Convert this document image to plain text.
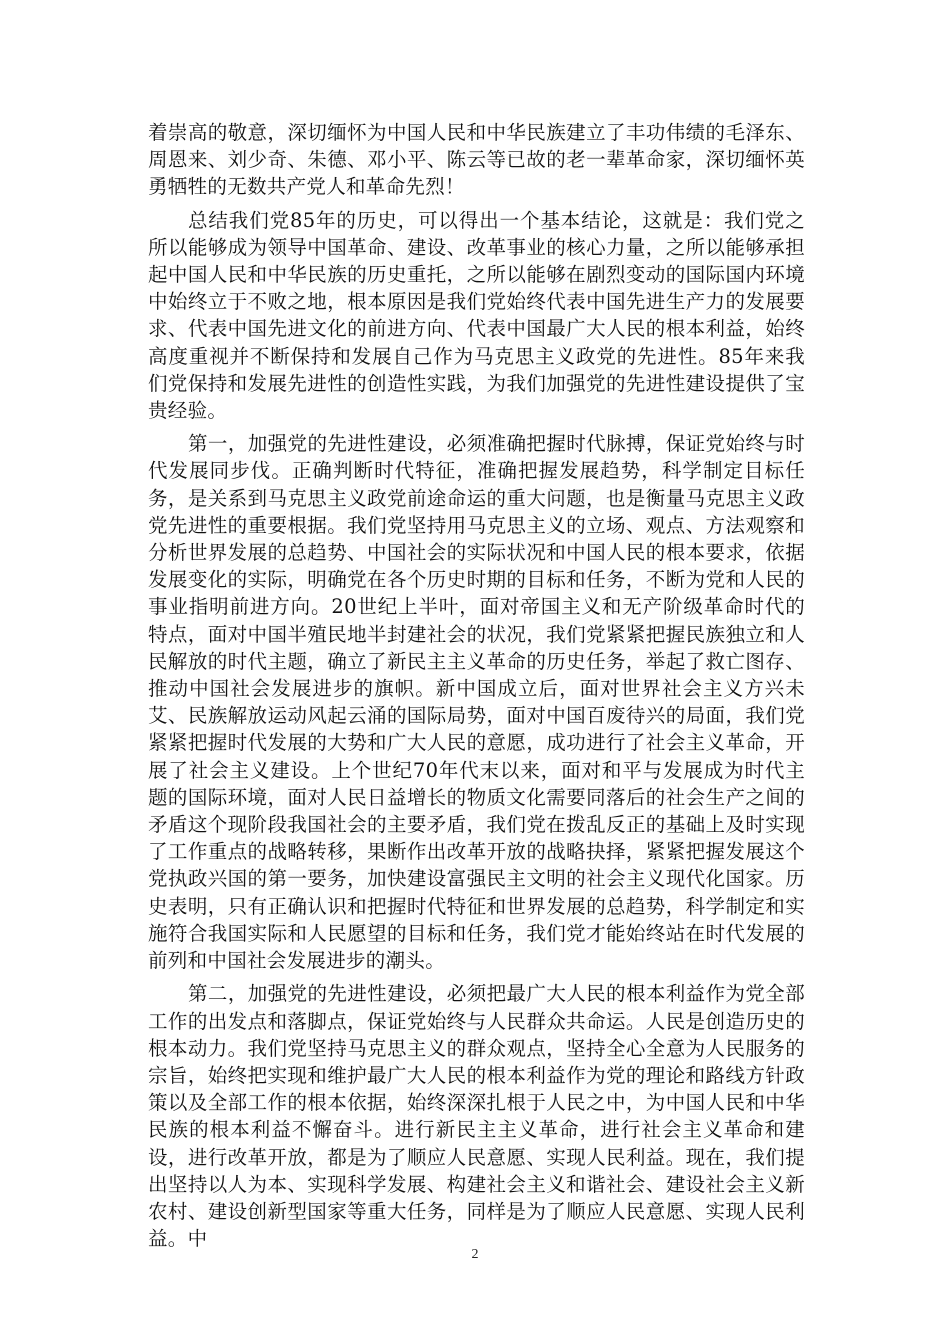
着崇高的敬意，深切缅怀为中国人民和中华民族建立了丰功伟绩的毛泽东、周恩来、刘少奇、朱德、邓小平、陈云等已故的老一辈革命家，深切缅怀英勇牺牲的无数共产党人和革命先烈！

总结我们党85年的历史，可以得出一个基本结论，这就是：我们党之所以能够成为领导中国革命、建设、改革事业的核心力量，之所以能够承担起中国人民和中华民族的历史重托，之所以能够在剧烈变动的国际国内环境中始终立于不败之地，根本原因是我们党始终代表中国先进生产力的发展要求、代表中国先进文化的前进方向、代表中国最广大人民的根本利益，始终高度重视并不断保持和发展自己作为马克思主义政党的先进性。85年来我们党保持和发展先进性的创造性实践，为我们加强党的先进性建设提供了宝贵经验。

第一，加强党的先进性建设，必须准确把握时代脉搏，保证党始终与时代发展同步伐。正确判断时代特征，准确把握发展趋势，科学制定目标任务，是关系到马克思主义政党前途命运的重大问题，也是衡量马克思主义政党先进性的重要根据。我们党坚持用马克思主义的立场、观点、方法观察和分析世界发展的总趋势、中国社会的实际状况和中国人民的根本要求，依据发展变化的实际，明确党在各个历史时期的目标和任务，不断为党和人民的事业指明前进方向。20世纪上半叶，面对帝国主义和无产阶级革命时代的特点，面对中国半殖民地半封建社会的状况，我们党紧紧把握民族独立和人民解放的时代主题，确立了新民主主义革命的历史任务，举起了救亡图存、推动中国社会发展进步的旗帜。新中国成立后，面对世界社会主义方兴未艾、民族解放运动风起云涌的国际局势，面对中国百废待兴的局面，我们党紧紧把握时代发展的大势和广大人民的意愿，成功进行了社会主义革命，开展了社会主义建设。上个世纪70年代末以来，面对和平与发展成为时代主题的国际环境，面对人民日益增长的物质文化需要同落后的社会生产之间的矛盾这个现阶段我国社会的主要矛盾，我们党在拨乱反正的基础上及时实现了工作重点的战略转移，果断作出改革开放的战略抉择，紧紧把握发展这个党执政兴国的第一要务，加快建设富强民主文明的社会主义现代化国家。历史表明，只有正确认识和把握时代特征和世界发展的总趋势，科学制定和实施符合我国实际和人民愿望的目标和任务，我们党才能始终站在时代发展的前列和中国社会发展进步的潮头。

第二，加强党的先进性建设，必须把最广大人民的根本利益作为党全部工作的出发点和落脚点，保证党始终与人民群众共命运。人民是创造历史的根本动力。我们党坚持马克思主义的群众观点，坚持全心全意为人民服务的宗旨，始终把实现和维护最广大人民的根本利益作为党的理论和路线方针政策以及全部工作的根本依据，始终深深扎根于人民之中，为中国人民和中华民族的根本利益不懈奋斗。进行新民主主义革命，进行社会主义革命和建设，进行改革开放，都是为了顺应人民意愿、实现人民利益。现在，我们提出坚持以人为本、实现科学发展、构建社会主义和谐社会、建设社会主义新农村、建设创新型国家等重大任务，同样是为了顺应人民意愿、实现人民利益。中

2
